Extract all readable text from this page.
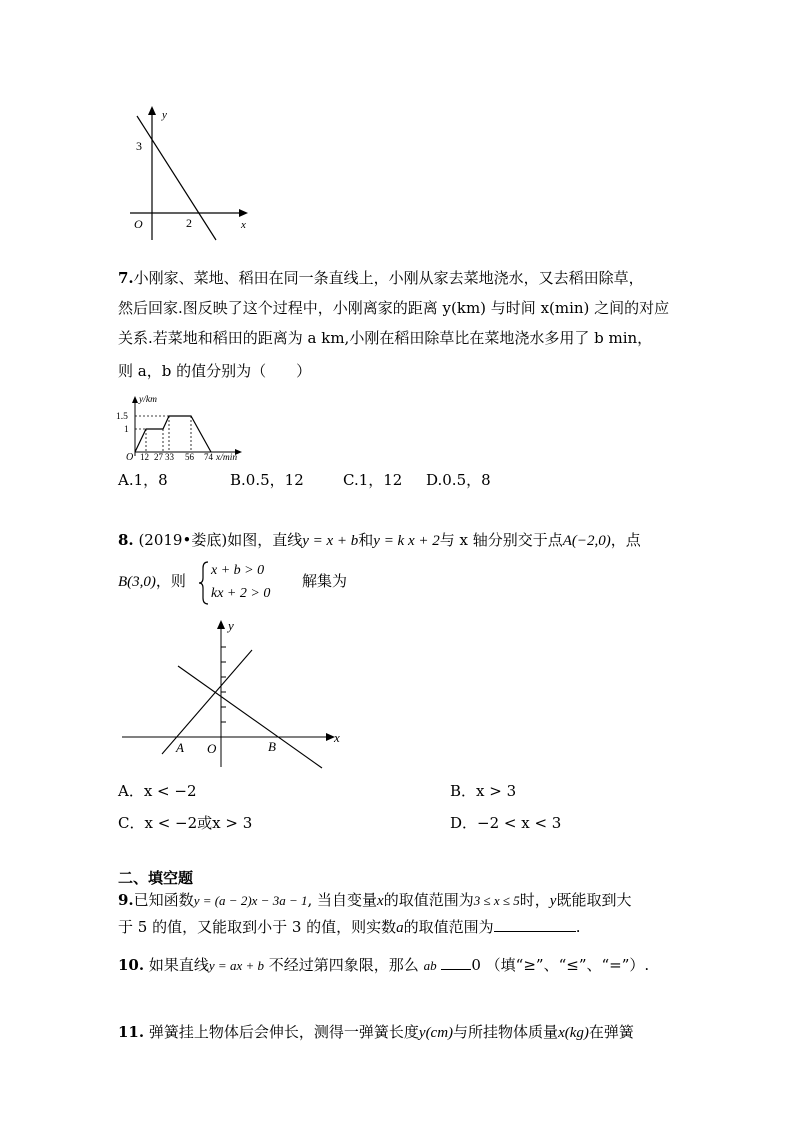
y
x
O
3
2
7.小刚家、菜地、稻田在同一条直线上，小刚从家去菜地浇水，又去稻田除草，
然后回家.图反映了这个过程中，小刚离家的距离 y(km) 与时间 x(min) 之间的对应
关系.若菜地和稻田的距离为 a km,小刚在稻田除草比在菜地浇水多用了 b min，
则 a，b 的值分别为（　　）
y/km
1.5
1
O 12 27 33 56 74 x/min
A.1，8	B.0.5，12	C.1，12 D.0.5，8
8. (2019•娄底)如图，直线y = x + b和y = k x + 2与 x 轴分别交于点A(−2,0)，点
B(3,0)，则
x + b > 0
kx + 2 > 0
解集为
y
x
A O	B
A．x < −2	B．x > 3
C．x < −2或x > 3	D．−2 < x < 3
二、填空题
9.已知函数y = (a − 2)x − 3a − 1, 当自变量x的取值范围为3 ≤ x ≤ 5时，y既能取到大
于 5 的值，又能取到小于 3 的值，则实数a的取值范围为	.
10. 如果直线y = ax + b 不经过第四象限，那么 ab 0 （填“≥”、“≤”、“=”）.
11. 弹簧挂上物体后会伸长，测得一弹簧长度y(cm)与所挂物体质量x(kg)在弹簧
